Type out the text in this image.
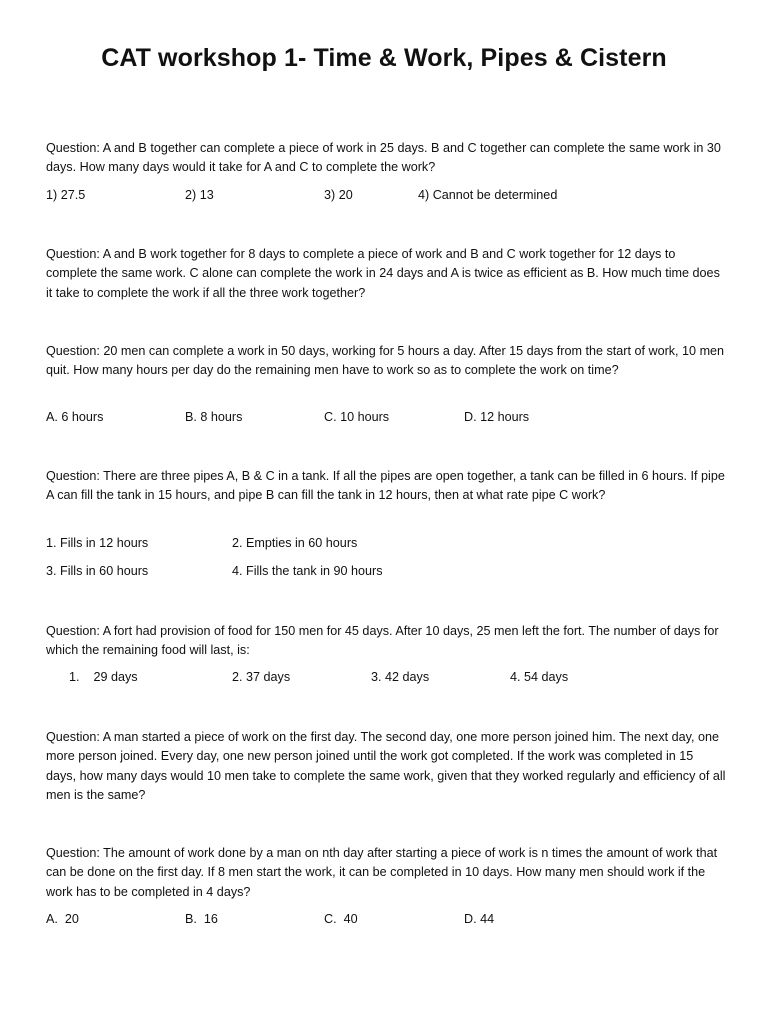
CAT workshop 1- Time & Work, Pipes & Cistern
Question: A and B together can complete a piece of work in 25 days. B and C together can complete the same work in 30 days. How many days would it take for A and C to complete the work?
1) 27.5	2) 13	3) 20	4) Cannot be determined
Question: A and B work together for 8 days to complete a piece of work and B and C work together for 12 days to complete the same work. C alone can complete the work in 24 days and A is twice as efficient as B. How much time does it take to complete the work if all the three work together?
Question: 20 men can complete a work in 50 days, working for 5 hours a day. After 15 days from the start of work, 10 men quit. How many hours per day do the remaining men have to work so as to complete the work on time?
A. 6 hours	B. 8 hours	C. 10 hours	D. 12 hours
Question: There are three pipes A, B & C in a tank. If all the pipes are open together, a tank can be filled in 6 hours. If pipe A can fill the tank in 15 hours, and pipe B can fill the tank in 12 hours, then at what rate pipe C work?
1. Fills in 12 hours	2. Empties in 60 hours
3. Fills in 60 hours	4. Fills the tank in 90 hours
Question: A fort had provision of food for 150 men for 45 days. After 10 days, 25 men left the fort. The number of days for which the remaining food will last, is:
1.    29 days	2. 37 days	3. 42 days	4. 54 days
Question: A man started a piece of work on the first day. The second day, one more person joined him. The next day, one more person joined. Every day, one new person joined until the work got completed. If the work was completed in 15 days, how many days would 10 men take to complete the same work, given that they worked regularly and efficiency of all men is the same?
Question: The amount of work done by a man on nth day after starting a piece of work is n times the amount of work that can be done on the first day. If 8 men start the work, it can be completed in 10 days. How many men should work if the work has to be completed in 4 days?
A.  20	B.  16	C.  40	D. 44
